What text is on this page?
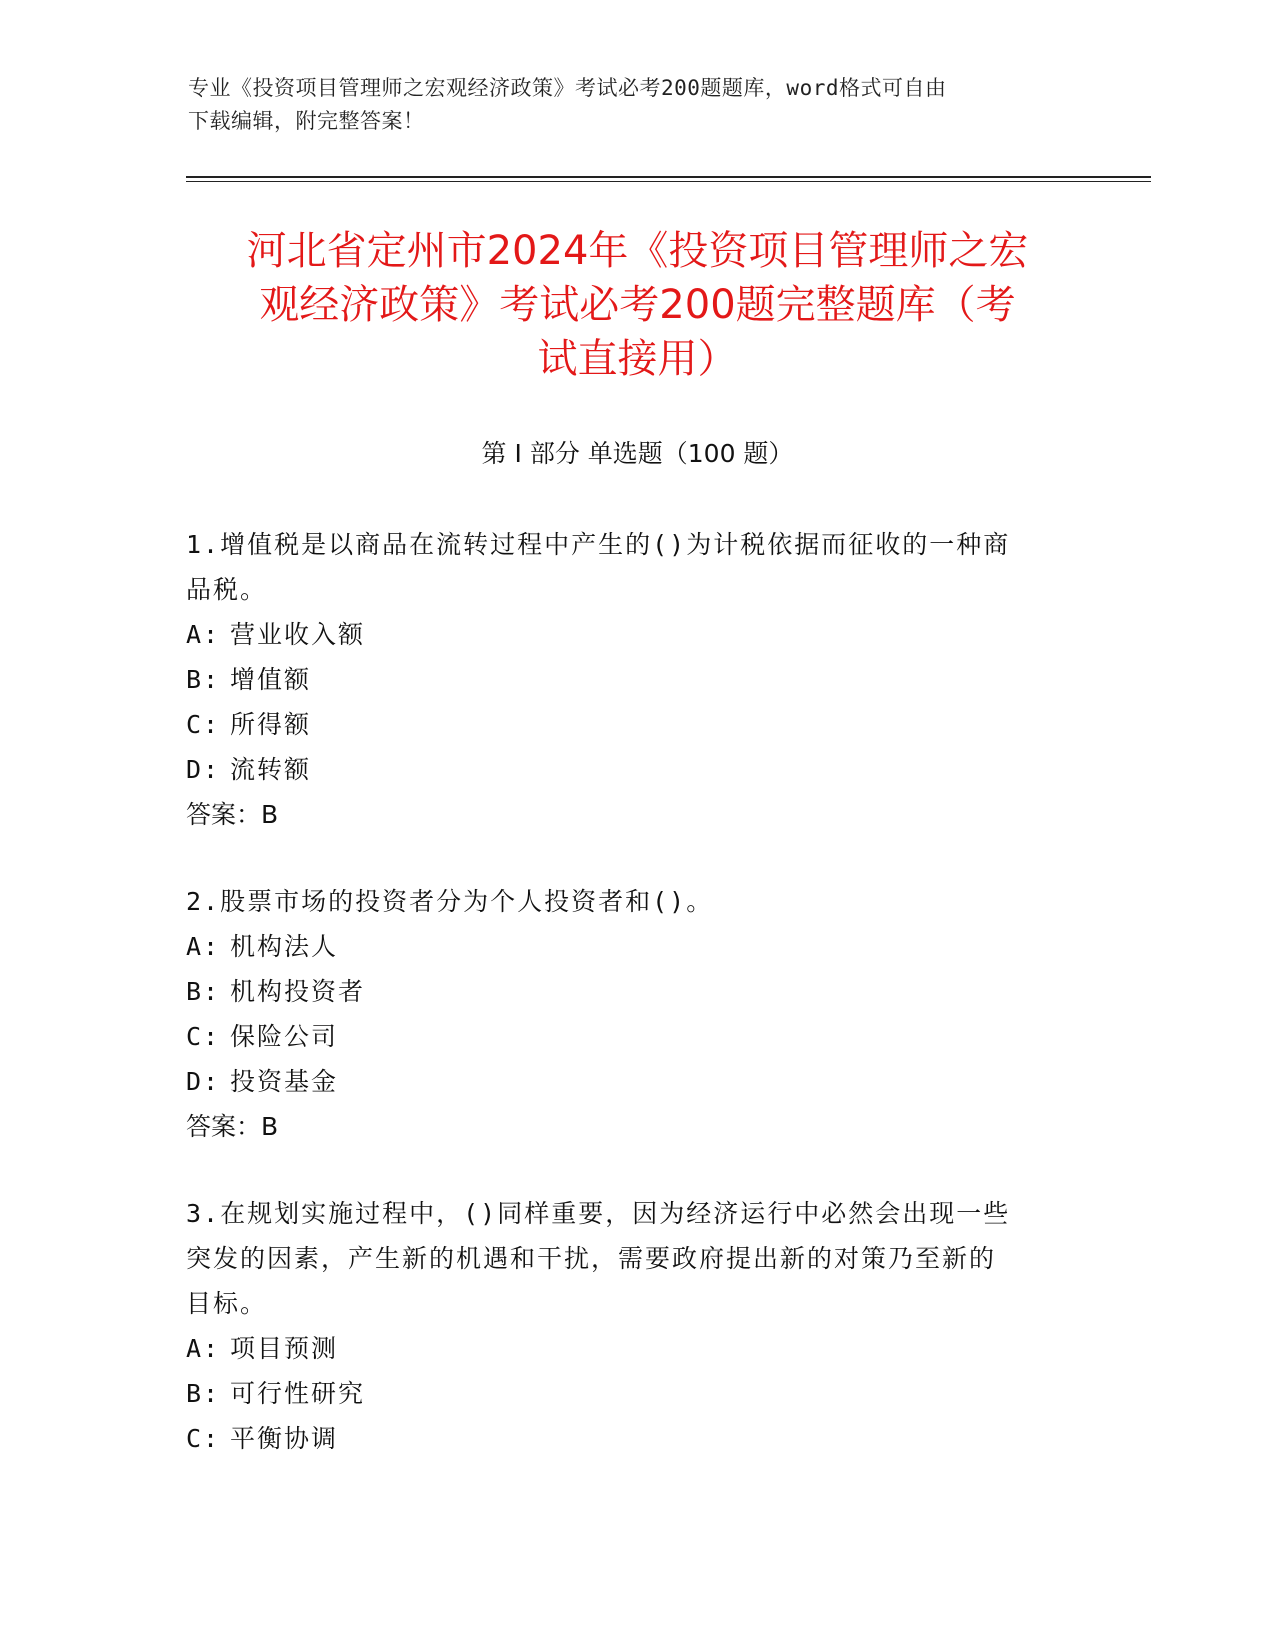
专业《投资项目管理师之宏观经济政策》考试必考200题题库，word格式可自由
下载编辑，附完整答案！
河北省定州市2024年《投资项目管理师之宏
观经济政策》考试必考200题完整题库（考
试直接用）
第 I 部分 单选题（100 题）
1.增值税是以商品在流转过程中产生的()为计税依据而征收的一种商
品税。
A: 营业收入额
B: 增值额
C: 所得额
D: 流转额
答案：B
2.股票市场的投资者分为个人投资者和()。
A: 机构法人
B: 机构投资者
C: 保险公司
D: 投资基金
答案：B
3.在规划实施过程中，()同样重要，因为经济运行中必然会出现一些
突发的因素，产生新的机遇和干扰，需要政府提出新的对策乃至新的
目标。
A: 项目预测
B: 可行性研究
C: 平衡协调
